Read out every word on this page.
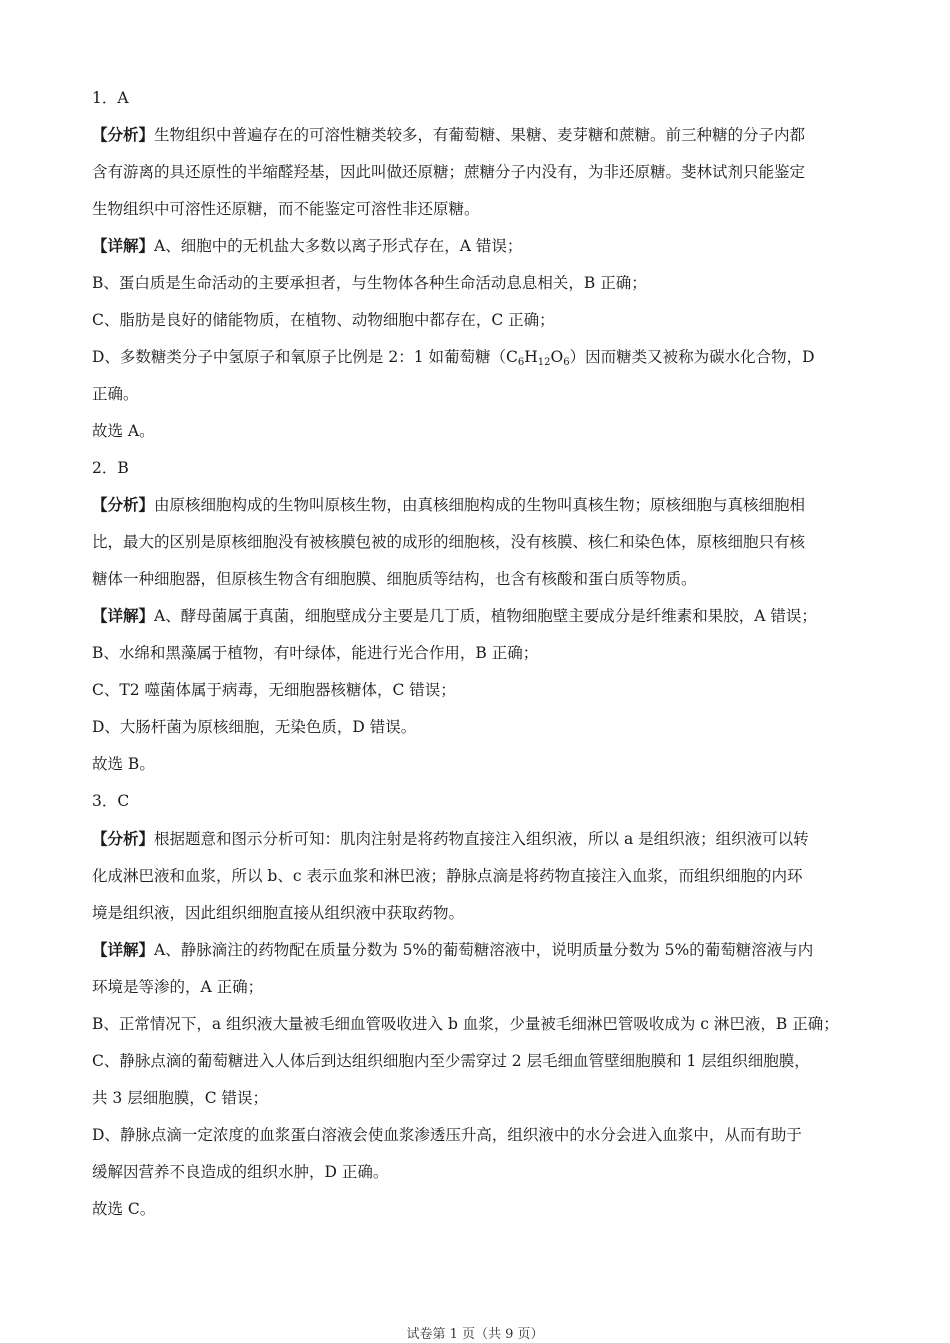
1．A
【分析】生物组织中普遍存在的可溶性糖类较多，有葡萄糖、果糖、麦芽糖和蔗糖。前三种糖的分子内都
含有游离的具还原性的半缩醛羟基，因此叫做还原糖；蔗糖分子内没有，为非还原糖。斐林试剂只能鉴定
生物组织中可溶性还原糖，而不能鉴定可溶性非还原糖。
【详解】A、细胞中的无机盐大多数以离子形式存在，A 错误；
B、蛋白质是生命活动的主要承担者，与生物体各种生命活动息息相关，B 正确；
C、脂肪是良好的储能物质，在植物、动物细胞中都存在，C 正确；
D、多数糖类分子中氢原子和氧原子比例是 2：1 如葡萄糖$(C_6H_{12}O_6)$因而糖类又被称为碳水化合物，D
正确。
故选 A。
2．B
【分析】由原核细胞构成的生物叫原核生物，由真核细胞构成的生物叫真核生物；原核细胞与真核细胞相
比，最大的区别是原核细胞没有被核膜包被的成形的细胞核，没有核膜、核仁和染色体，原核细胞只有核
糖体一种细胞器，但原核生物含有细胞膜、细胞质等结构，也含有核酸和蛋白质等物质。
【详解】A、酵母菌属于真菌，细胞壁成分主要是几丁质，植物细胞壁主要成分是纤维素和果胶，A 错误；
B、水绵和黑藻属于植物，有叶绿体，能进行光合作用，B 正确；
C、T2 噬菌体属于病毒，无细胞器核糖体，C 错误；
D、大肠杆菌为原核细胞，无染色质，D 错误。
故选 B。
3．C
【分析】根据题意和图示分析可知：肌肉注射是将药物直接注入组织液，所以 a 是组织液；组织液可以转
化成淋巴液和血浆，所以 b、c 表示血浆和淋巴液；静脉点滴是将药物直接注入血浆，而组织细胞的内环
境是组织液，因此组织细胞直接从组织液中获取药物。
【详解】A、静脉滴注的药物配在质量分数为 5%的葡萄糖溶液中，说明质量分数为 5%的葡萄糖溶液与内
环境是等渗的，A 正确；
B、正常情况下，a 组织液大量被毛细血管吸收进入 b 血浆，少量被毛细淋巴管吸收成为 c 淋巴液，B 正确；
C、静脉点滴的葡萄糖进入人体后到达组织细胞内至少需穿过 2 层毛细血管壁细胞膜和 1 层组织细胞膜，
共 3 层细胞膜，C 错误；
D、静脉点滴一定浓度的血浆蛋白溶液会使血浆渗透压升高，组织液中的水分会进入血浆中，从而有助于
缓解因营养不良造成的组织水肿，D 正确。
故选 C。
试卷第 1 页（共 9 页）
